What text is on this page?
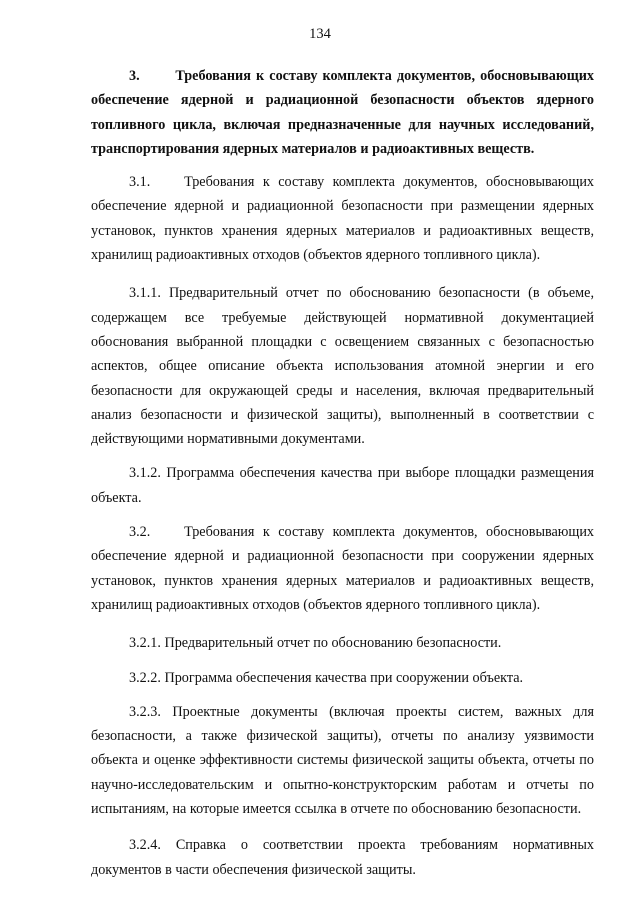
134

3.       Требования к составу комплекта документов, обосновывающих обеспечение ядерной и радиационной безопасности объектов ядерного топливного цикла, включая предназначенные для научных исследований, транспортирования ядерных материалов и радиоактивных веществ.

3.1.    Требования к составу комплекта документов, обосновывающих обеспечение ядерной и радиационной безопасности при размещении ядерных установок, пунктов хранения ядерных материалов и радиоактивных веществ, хранилищ радиоактивных отходов (объектов ядерного топливного цикла).

3.1.1. Предварительный отчет по обоснованию безопасности (в объеме, содержащем все требуемые действующей нормативной документацией обоснования выбранной площадки с освещением связанных с безопасностью аспектов, общее описание объекта использования атомной энергии и его безопасности для окружающей среды и населения, включая предварительный анализ безопасности и физической защиты), выполненный в соответствии с действующими нормативными документами.

3.1.2. Программа обеспечения качества при выборе площадки размещения объекта.

3.2.    Требования к составу комплекта документов, обосновывающих обеспечение ядерной и радиационной безопасности при сооружении ядерных установок, пунктов хранения ядерных материалов и радиоактивных веществ, хранилищ радиоактивных отходов (объектов ядерного топливного цикла).

3.2.1. Предварительный отчет по обоснованию безопасности.

3.2.2. Программа обеспечения качества при сооружении объекта.

3.2.3. Проектные документы (включая проекты систем, важных для безопасности, а также физической защиты), отчеты по анализу уязвимости объекта и оценке эффективности системы физической защиты объекта, отчеты по научно-исследовательским и опытно-конструкторским работам и отчеты по испытаниям, на которые имеется ссылка в отчете по обоснованию безопасности.

3.2.4. Справка о соответствии проекта требованиям нормативных документов в части обеспечения физической защиты.
